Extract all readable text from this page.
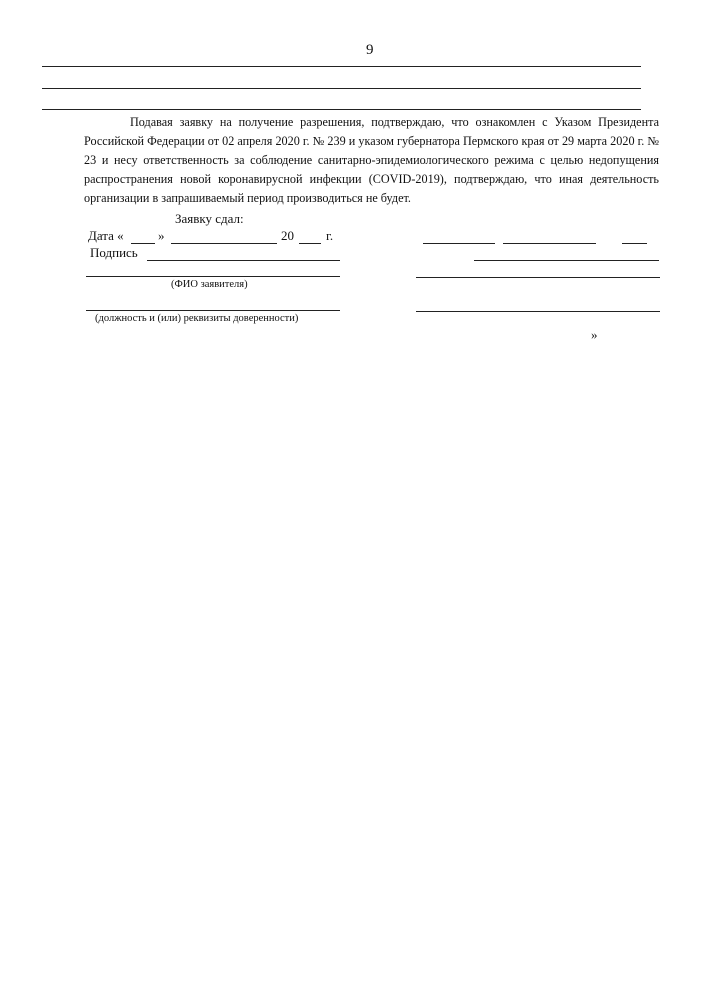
9
Подавая заявку на получение разрешения, подтверждаю, что ознакомлен с Указом Президента Российской Федерации от 02 апреля 2020 г. № 239 и указом губернатора Пермского края от 29 марта 2020 г. № 23 и несу ответственность за соблюдение санитарно-эпидемиологического режима с целью недопущения распространения новой коронавирусной инфекции (COVID-2019), подтверждаю, что иная деятельность организации в запрашиваемый период производиться не будет.
Заявку сдал:
Дата «	»	20 г.
Подпись
(ФИО заявителя)
(должность и (или) реквизиты доверенности)
»
